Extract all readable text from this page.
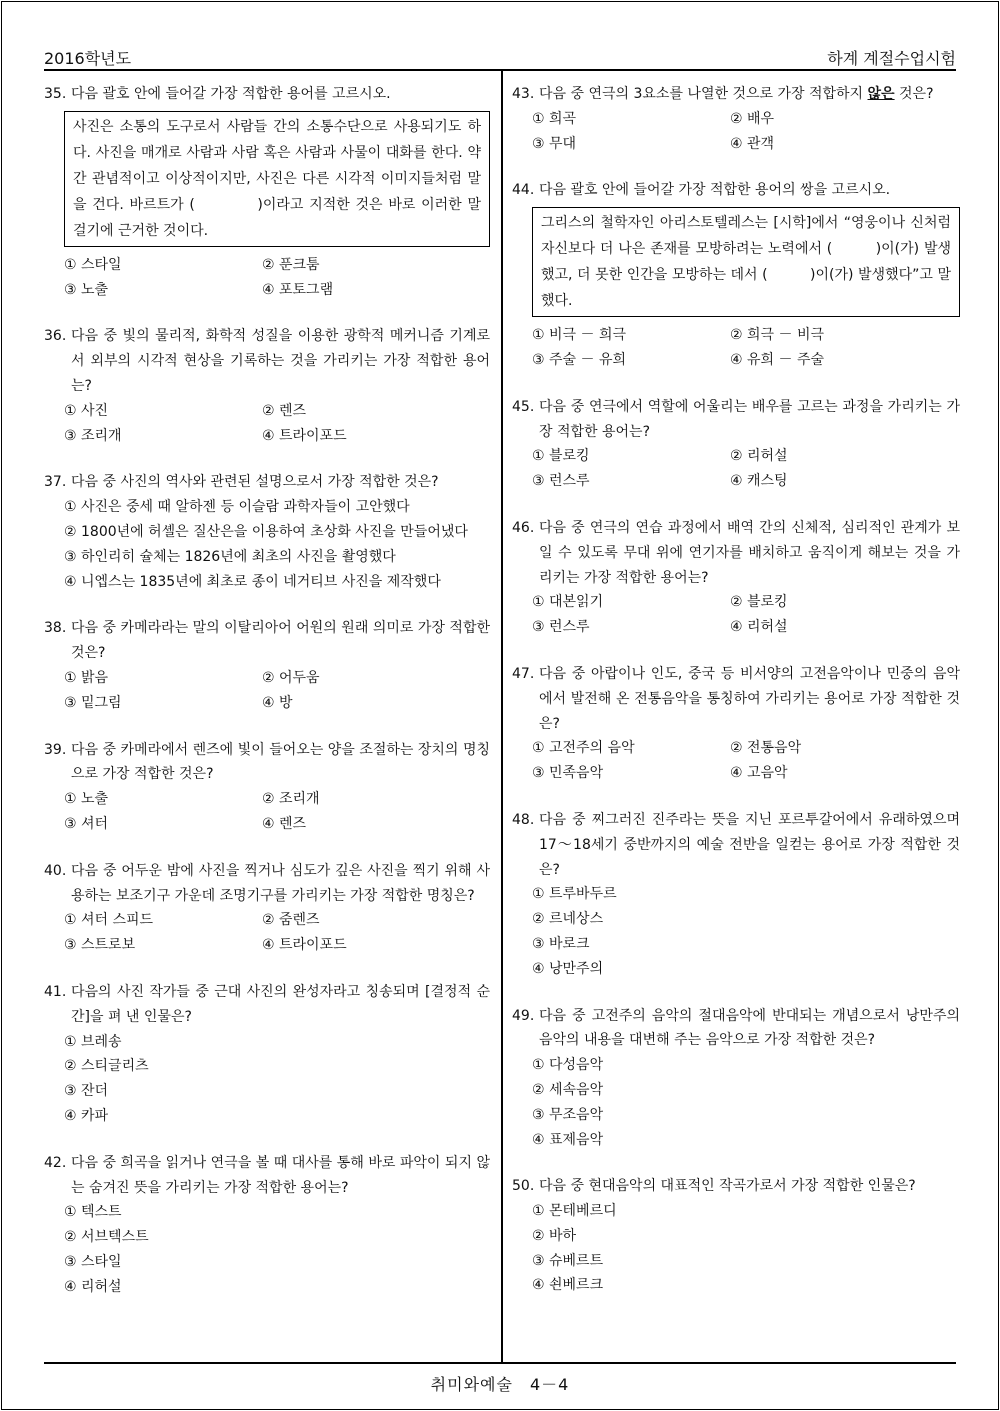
2016학년도	하계 계절수업시험
35. 다음 괄호 안에 들어갈 가장 적합한 용어를 고르시오.
사진은 소통의 도구로서 사람들 간의 소통수단으로 사용되기도 하다. 사진을 매개로 사람과 사람 혹은 사람과 사물이 대화를 한다. 약간 관념적이고 이상적이지만, 사진은 다른 시각적 이미지들처럼 말을 건다. 바르트가 (　　　　)이라고 지적한 것은 바로 이러한 말 걸기에 근거한 것이다.
① 스타일	② 푼크툼
③ 노출	④ 포토그램
36. 다음 중 빛의 물리적, 화학적 성질을 이용한 광학적 메커니즘 기계로서 외부의 시각적 현상을 기록하는 것을 가리키는 가장 적합한 용어는?
① 사진	② 렌즈
③ 조리개	④ 트라이포드
37. 다음 중 사진의 역사와 관련된 설명으로서 가장 적합한 것은?
① 사진은 중세 때 알하젠 등 이슬람 과학자들이 고안했다
② 1800년에 허셸은 질산은을 이용하여 초상화 사진을 만들어냈다
③ 하인리히 슐체는 1826년에 최초의 사진을 촬영했다
④ 니엡스는 1835년에 최초로 종이 네거티브 사진을 제작했다
38. 다음 중 카메라라는 말의 이탈리아어 어원의 원래 의미로 가장 적합한 것은?
① 밝음	② 어두움
③ 밑그림	④ 방
39. 다음 중 카메라에서 렌즈에 빛이 들어오는 양을 조절하는 장치의 명칭으로 가장 적합한 것은?
① 노출	② 조리개
③ 셔터	④ 렌즈
40. 다음 중 어두운 밤에 사진을 찍거나 심도가 깊은 사진을 찍기 위해 사용하는 보조기구 가운데 조명기구를 가리키는 가장 적합한 명칭은?
① 셔터 스피드	② 줌렌즈
③ 스트로보	④ 트라이포드
41. 다음의 사진 작가들 중 근대 사진의 완성자라고 칭송되며 [결정적 순간]을 펴 낸 인물은?
① 브레송
② 스티글리츠
③ 잔더
④ 카파
42. 다음 중 희곡을 읽거나 연극을 볼 때 대사를 통해 바로 파악이 되지 않는 숨겨진 뜻을 가리키는 가장 적합한 용어는?
① 텍스트
② 서브텍스트
③ 스타일
④ 리허설
43. 다음 중 연극의 3요소를 나열한 것으로 가장 적합하지 않은 것은?
① 희곡	② 배우
③ 무대	④ 관객
44. 다음 괄호 안에 들어갈 가장 적합한 용어의 쌍을 고르시오.
그리스의 철학자인 아리스토텔레스는 [시학]에서 “영웅이나 신처럼 자신보다 더 나은 존재를 모방하려는 노력에서 (　　　)이(가) 발생했고, 더 못한 인간을 모방하는 데서 (　　　)이(가) 발생했다”고 말했다.
① 비극 － 희극	② 희극 － 비극
③ 주술 － 유희	④ 유희 － 주술
45. 다음 중 연극에서 역할에 어울리는 배우를 고르는 과정을 가리키는 가장 적합한 용어는?
① 블로킹	② 리허설
③ 런스루	④ 캐스팅
46. 다음 중 연극의 연습 과정에서 배역 간의 신체적, 심리적인 관계가 보일 수 있도록 무대 위에 연기자를 배치하고 움직이게 해보는 것을 가리키는 가장 적합한 용어는?
① 대본읽기	② 블로킹
③ 런스루	④ 리허설
47. 다음 중 아랍이나 인도, 중국 등 비서양의 고전음악이나 민중의 음악에서 발전해 온 전통음악을 통칭하여 가리키는 용어로 가장 적합한 것은?
① 고전주의 음악	② 전통음악
③ 민족음악	④ 고음악
48. 다음 중 찌그러진 진주라는 뜻을 지닌 포르투갈어에서 유래하였으며 17～18세기 중반까지의 예술 전반을 일컫는 용어로 가장 적합한 것은?
① 트루바두르
② 르네상스
③ 바로크
④ 낭만주의
49. 다음 중 고전주의 음악의 절대음악에 반대되는 개념으로서 낭만주의 음악의 내용을 대변해 주는 음악으로 가장 적합한 것은?
① 다성음악
② 세속음악
③ 무조음악
④ 표제음악
50. 다음 중 현대음악의 대표적인 작곡가로서 가장 적합한 인물은?
① 몬테베르디
② 바하
③ 슈베르트
④ 쇤베르크
취미와예술　4－4
